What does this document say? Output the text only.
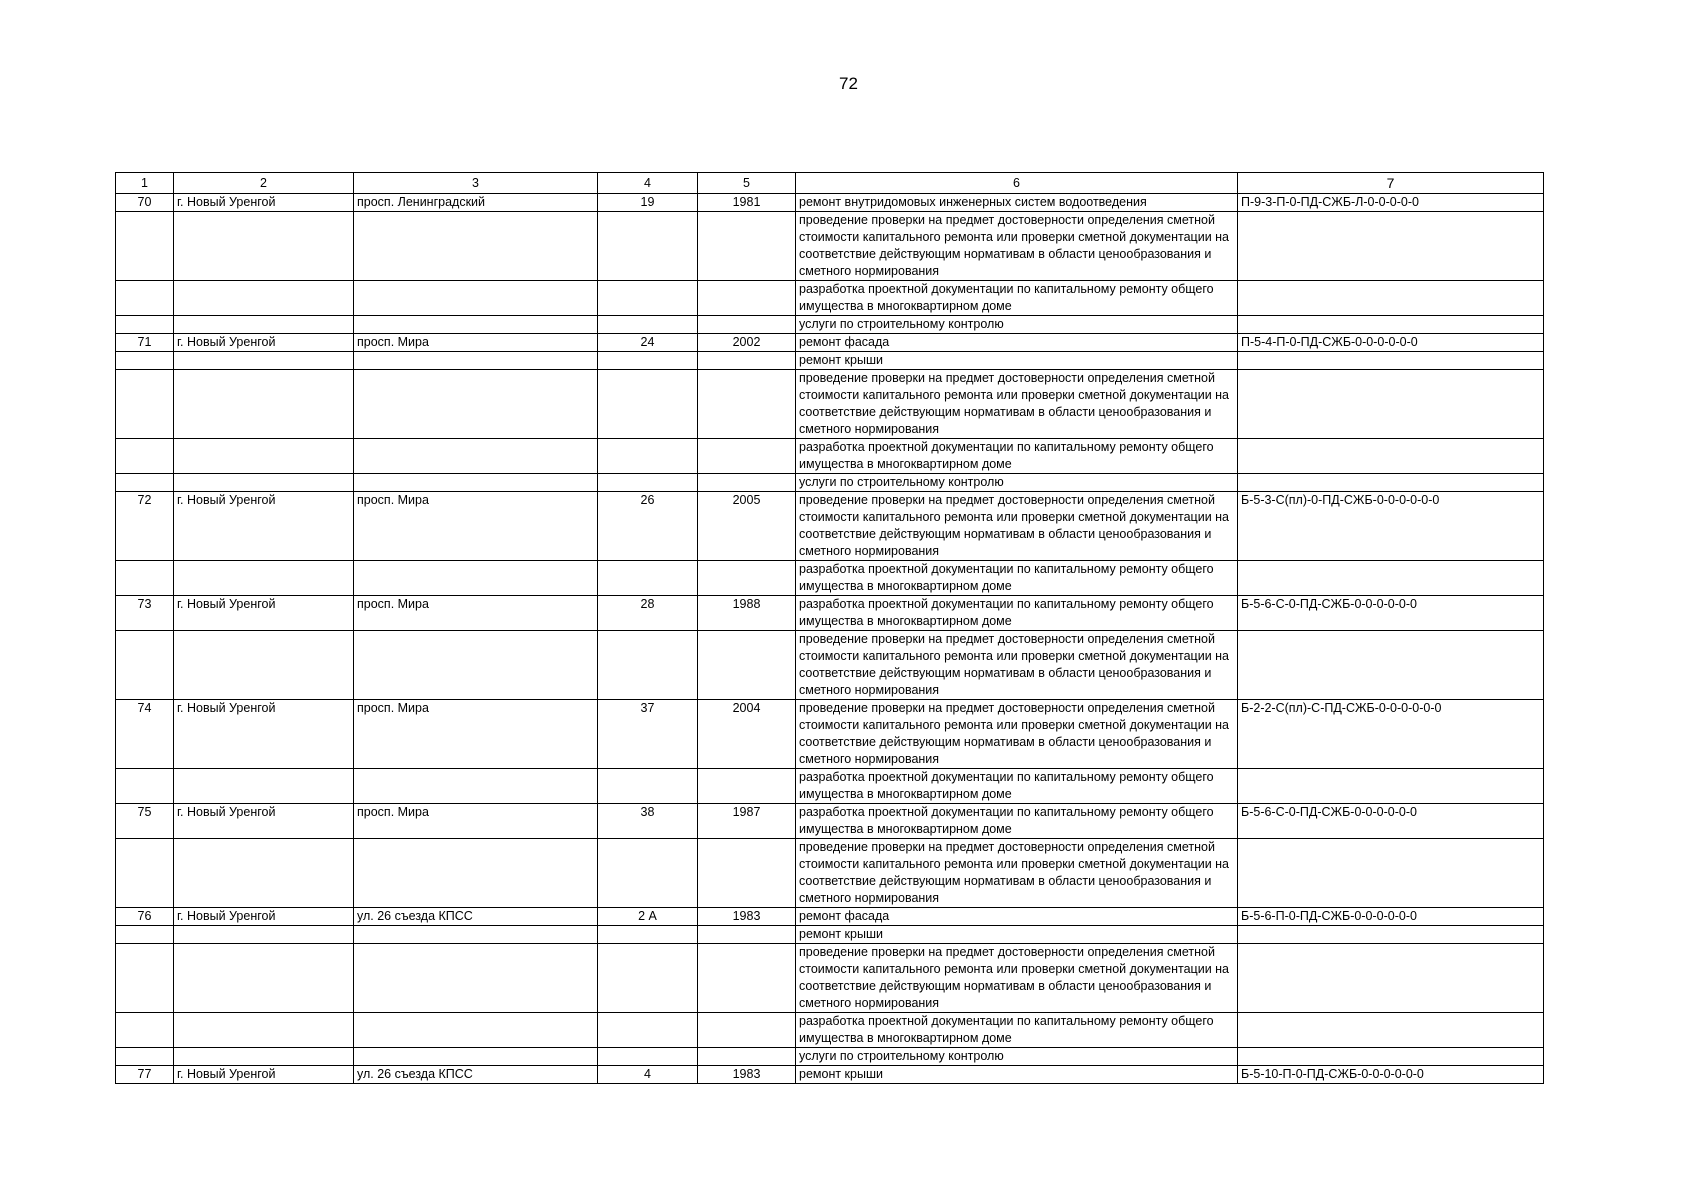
72
1	2	3	4	5	6	7
70	г. Новый Уренгой	просп. Ленинградский	19	1981	ремонт внутридомовых инженерных систем водоотведения	П-9-3-П-0-ПД-СЖБ-Л-0-0-0-0-0
					проведение проверки на предмет достоверности определения сметной стоимости капитального ремонта или проверки сметной документации на соответствие действующим нормативам в области ценообразования и сметного нормирования	
					разработка проектной документации по капитальному ремонту общего имущества в многоквартирном доме	
					услуги по строительному контролю	
71	г. Новый Уренгой	просп. Мира	24	2002	ремонт фасада	П-5-4-П-0-ПД-СЖБ-0-0-0-0-0-0
					ремонт крыши	
					проведение проверки на предмет достоверности определения сметной стоимости капитального ремонта или проверки сметной документации на соответствие действующим нормативам в области ценообразования и сметного нормирования	
					разработка проектной документации по капитальному ремонту общего имущества в многоквартирном доме	
					услуги по строительному контролю	
72	г. Новый Уренгой	просп. Мира	26	2005	проведение проверки на предмет достоверности определения сметной стоимости капитального ремонта или проверки сметной документации на соответствие действующим нормативам в области ценообразования и сметного нормирования	Б-5-3-С(пл)-0-ПД-СЖБ-0-0-0-0-0-0
					разработка проектной документации по капитальному ремонту общего имущества в многоквартирном доме	
73	г. Новый Уренгой	просп. Мира	28	1988	разработка проектной документации по капитальному ремонту общего имущества в многоквартирном доме	Б-5-6-С-0-ПД-СЖБ-0-0-0-0-0-0
					проведение проверки на предмет достоверности определения сметной стоимости капитального ремонта или проверки сметной документации на соответствие действующим нормативам в области ценообразования и сметного нормирования	
74	г. Новый Уренгой	просп. Мира	37	2004	проведение проверки на предмет достоверности определения сметной стоимости капитального ремонта или проверки сметной документации на соответствие действующим нормативам в области ценообразования и сметного нормирования	Б-2-2-С(пл)-С-ПД-СЖБ-0-0-0-0-0-0
					разработка проектной документации по капитальному ремонту общего имущества в многоквартирном доме	
75	г. Новый Уренгой	просп. Мира	38	1987	разработка проектной документации по капитальному ремонту общего имущества в многоквартирном доме	Б-5-6-С-0-ПД-СЖБ-0-0-0-0-0-0
					проведение проверки на предмет достоверности определения сметной стоимости капитального ремонта или проверки сметной документации на соответствие действующим нормативам в области ценообразования и сметного нормирования	
76	г. Новый Уренгой	ул. 26 съезда КПСС	2 А	1983	ремонт фасада	Б-5-6-П-0-ПД-СЖБ-0-0-0-0-0-0
					ремонт крыши	
					проведение проверки на предмет достоверности определения сметной стоимости капитального ремонта или проверки сметной документации на соответствие действующим нормативам в области ценообразования и сметного нормирования	
					разработка проектной документации по капитальному ремонту общего имущества в многоквартирном доме	
					услуги по строительному контролю	
77	г. Новый Уренгой	ул. 26 съезда КПСС	4	1983	ремонт крыши	Б-5-10-П-0-ПД-СЖБ-0-0-0-0-0-0
